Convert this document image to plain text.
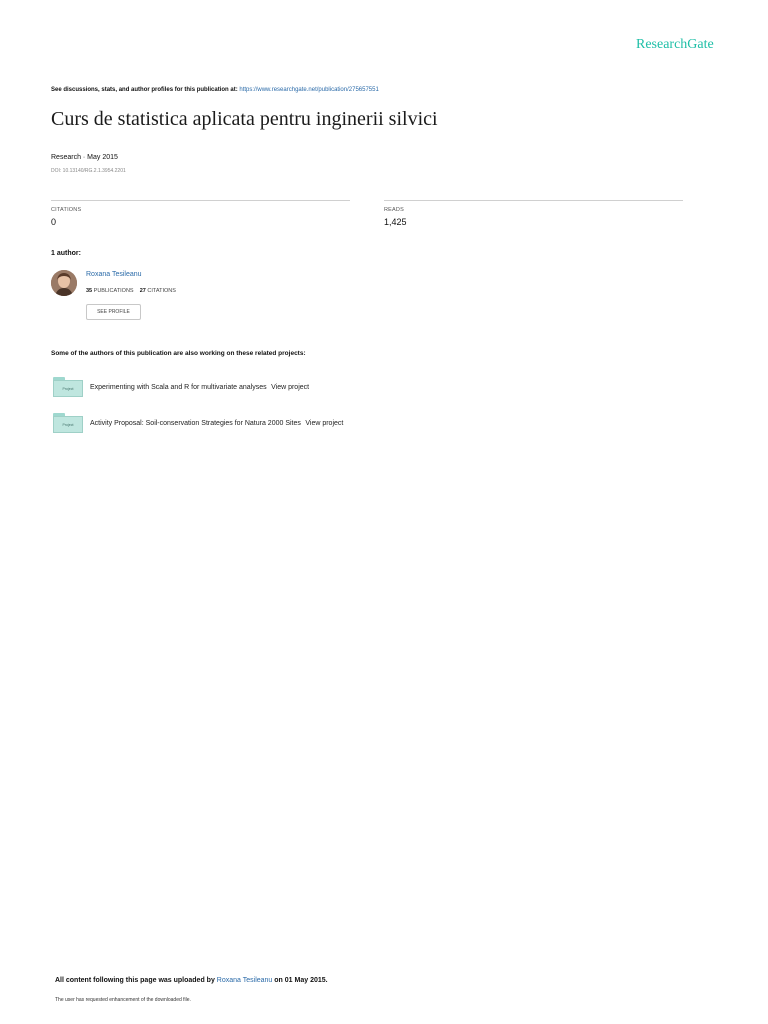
ResearchGate
See discussions, stats, and author profiles for this publication at: https://www.researchgate.net/publication/275657551
Curs de statistica aplicata pentru inginerii silvici
Research · May 2015
DOI: 10.13140/RG.2.1.3954.2201
CITATIONS
0
READS
1,425
1 author:
Roxana Tesileanu
35 PUBLICATIONS 27 CITATIONS
SEE PROFILE
Some of the authors of this publication are also working on these related projects:
Project	Experimenting with Scala and R for multivariate analyses
View project
Project	Activity Proposal: Soil-conservation Strategies for Natura 2000 Sites
View project
All content following this page was uploaded by Roxana Tesileanu on 01 May 2015.
The user has requested enhancement of the downloaded file.
